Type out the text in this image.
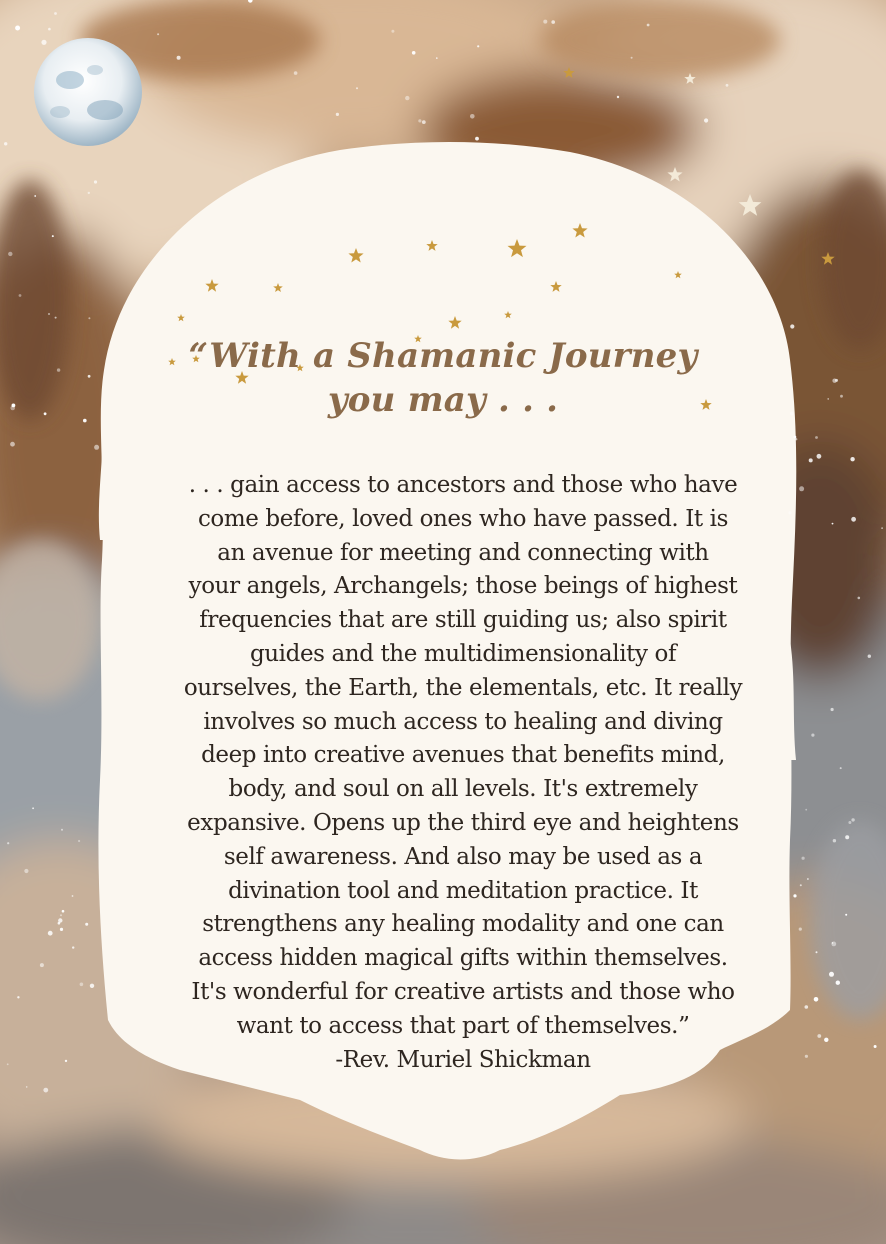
“With a Shamanic Journey
you may . . .
. . . gain access to ancestors and those who have
come before, loved ones who have passed. It is
an avenue for meeting and connecting with
your angels, Archangels; those beings of highest
frequencies that are still guiding us; also spirit
guides and the multidimensionality of
ourselves, the Earth, the elementals, etc. It really
involves so much access to healing and diving
deep into creative avenues that benefits mind,
body, and soul on all levels. It's extremely
expansive. Opens up the third eye and heightens
self awareness. And also may be used as a
divination tool and meditation practice. It
strengthens any healing modality and one can
access hidden magical gifts within themselves.
It's wonderful for creative artists and those who
want to access that part of themselves.”
-Rev. Muriel Shickman
